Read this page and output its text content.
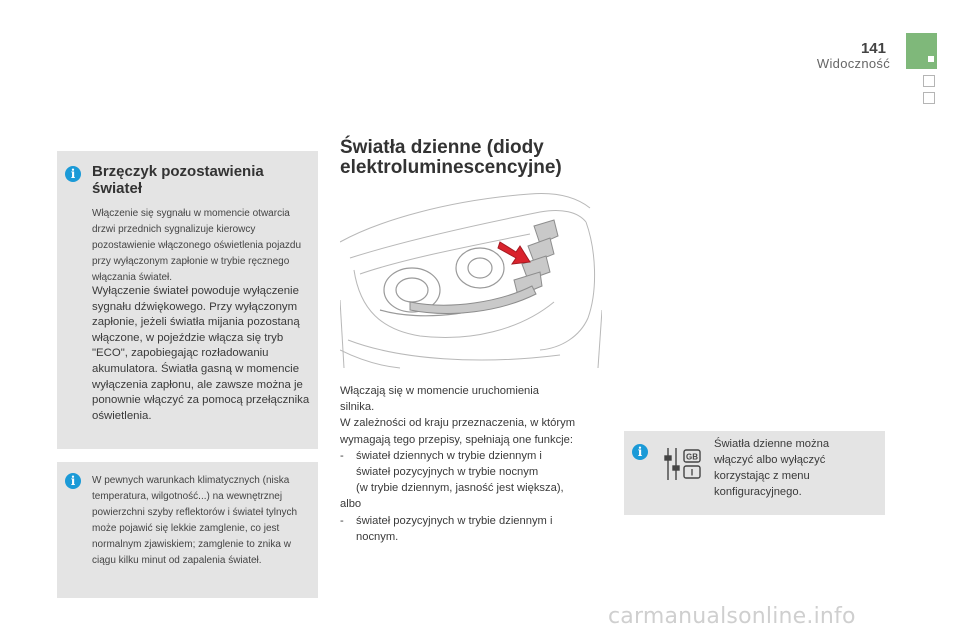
141
Widoczność
i	Brzęczyk pozostawienia świateł
Włączenie się sygnału w momencie otwarcia drzwi przednich sygnalizuje kierowcy pozostawienie włączonego oświetlenia pojazdu przy wyłączonym zapłonie w trybie ręcznego włączania świateł.
Wyłączenie świateł powoduje wyłączenie sygnału dźwiękowego. Przy wyłączonym zapłonie, jeżeli światła mijania pozostaną włączone, w pojeździe włącza się tryb "ECO", zapobiegając rozładowaniu akumulatora. Światła gasną w momencie wyłączenia zapłonu, ale zawsze można je ponownie włączyć za pomocą przełącznika oświetlenia.
i	W pewnych warunkach klimatycznych (niska temperatura, wilgotność...) na wewnętrznej powierzchni szyby reflektorów i świateł tylnych może pojawić się lekkie zamglenie, co jest normalnym zjawiskiem; zamglenie to znika w ciągu kilku minut od zapalenia świateł.
Światła dzienne (diody
elektroluminescencyjne)
Włączają się w momencie uruchomienia
silnika.
W zależności od kraju przeznaczenia, w którym
wymagają tego przepisy, spełniają one funkcje:
- świateł dziennych w trybie dziennym i
świateł pozycyjnych w trybie nocnym
(w trybie dziennym, jasność jest większa),
albo
- świateł pozycyjnych w trybie dziennym i
nocnym.
i	GB
I
Światła dzienne można
włączyć albo wyłączyć
korzystając z menu
konfiguracyjnego.
carmanualsonline.info
